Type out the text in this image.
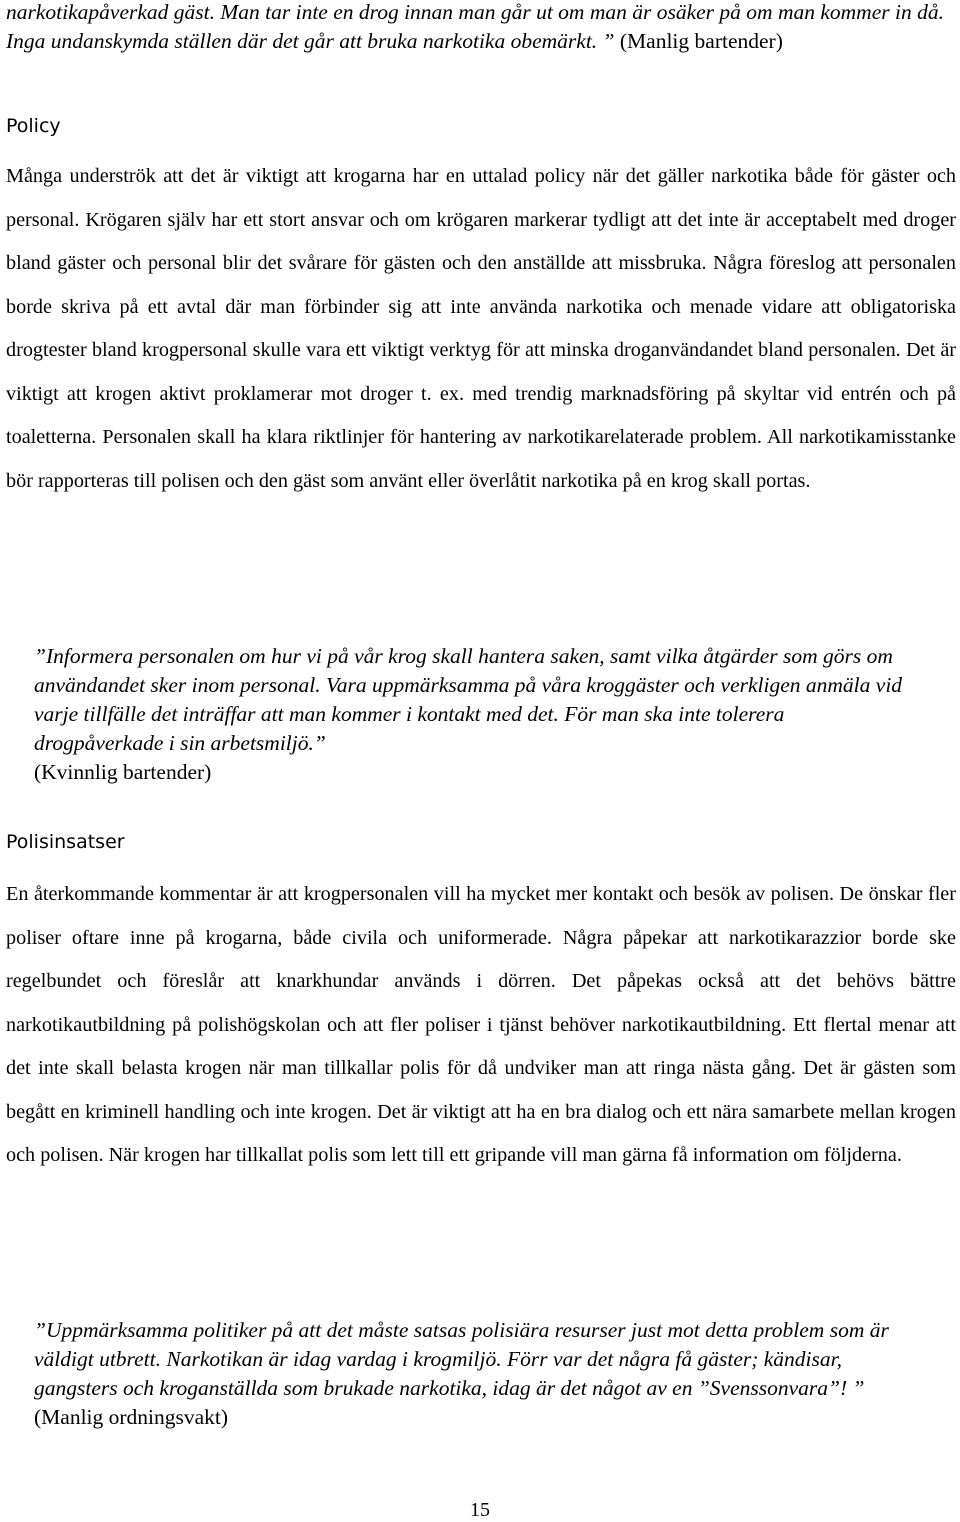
narkotikapåverkad gäst. Man tar inte en drog innan man går ut om man är osäker på om man kommer in då. Inga undanskymda ställen där det går att bruka narkotika obemärkt. ” (Manlig bartender)

Policy

Många underströk att det är viktigt att krogarna har en uttalad policy när det gäller narkotika både för gäster och personal. Krögaren själv har ett stort ansvar och om krögaren markerar tydligt att det inte är acceptabelt med droger bland gäster och personal blir det svårare för gästen och den anställde att missbruka. Några föreslog att personalen borde skriva på ett avtal där man förbinder sig att inte använda narkotika och menade vidare att obligatoriska drogtester bland krogpersonal skulle vara ett viktigt verktyg för att minska droganvändandet bland personalen. Det är viktigt att krogen aktivt proklamerar mot droger t. ex. med trendig marknadsföring på skyltar vid entrén och på toaletterna. Personalen skall ha klara riktlinjer för hantering av narkotikarelaterade problem. All narkotikamisstanke bör rapporteras till polisen och den gäst som använt eller överlåtit narkotika på en krog skall portas.

”Informera personalen om hur vi på vår krog skall hantera saken, samt vilka åtgärder som görs om användandet sker inom personal. Vara uppmärksamma på våra kroggäster och verkligen anmäla vid varje tillfälle det inträffar att man kommer i kontakt med det. För man ska inte tolerera drogpåverkade i sin arbetsmiljö.”
(Kvinnlig bartender)

Polisinsatser

En återkommande kommentar är att krogpersonalen vill ha mycket mer kontakt och besök av polisen. De önskar fler poliser oftare inne på krogarna, både civila och uniformerade. Några påpekar att narkotikarazzior borde ske regelbundet och föreslår att knarkhundar används i dörren. Det påpekas också att det behövs bättre narkotikautbildning på polishögskolan och att fler poliser i tjänst behöver narkotikautbildning. Ett flertal menar att det inte skall belasta krogen när man tillkallar polis för då undviker man att ringa nästa gång. Det är gästen som begått en kriminell handling och inte krogen. Det är viktigt att ha en bra dialog och ett nära samarbete mellan krogen och polisen. När krogen har tillkallat polis som lett till ett gripande vill man gärna få information om följderna.

”Uppmärksamma politiker på att det måste satsas polisiära resurser just mot detta problem som är väldigt utbrett. Narkotikan är idag vardag i krogmiljö. Förr var det några få gäster; kändisar, gangsters och kroganställda som brukade narkotika, idag är det något av en ”Svenssonvara”! ” (Manlig ordningsvakt)

15
